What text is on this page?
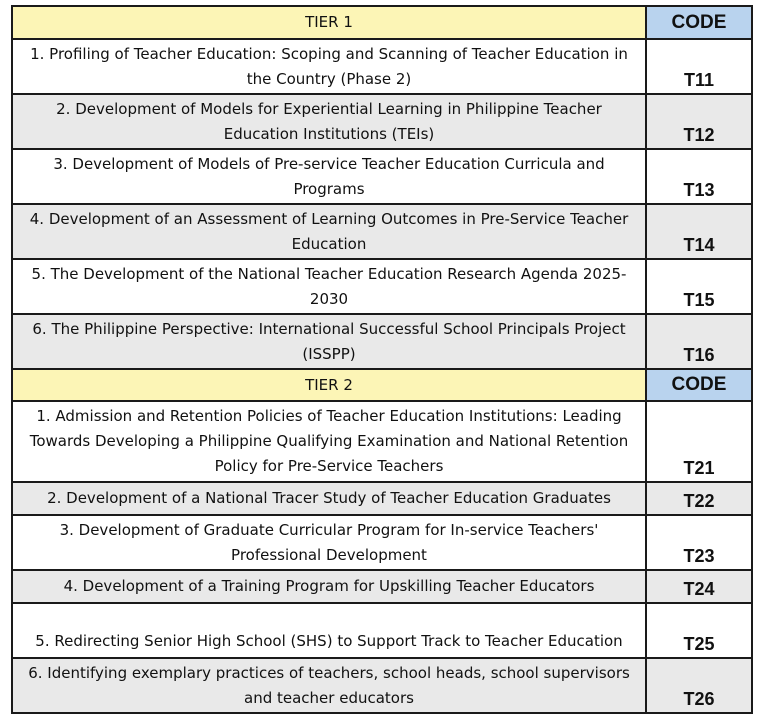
TIER 1	CODE
1. Profiling of Teacher Education: Scoping and Scanning of Teacher Education in the Country (Phase 2)	T11
2. Development of Models for Experiential Learning in Philippine Teacher Education Institutions (TEIs)	T12
3. Development of Models of Pre-service Teacher Education Curricula and Programs	T13
4. Development of an Assessment of Learning Outcomes in Pre-Service Teacher Education	T14
5. The Development of the National Teacher Education Research Agenda 2025-2030	T15
6. The Philippine Perspective: International Successful School Principals Project (ISSPP)	T16
TIER 2	CODE
1. Admission and Retention Policies of Teacher Education Institutions: Leading Towards Developing a Philippine Qualifying Examination and National Retention Policy for Pre-Service Teachers	T21
2. Development of a National Tracer Study of Teacher Education Graduates	T22
3. Development of Graduate Curricular Program for In-service Teachers' Professional Development	T23
4. Development of a Training Program for Upskilling Teacher Educators	T24
5. Redirecting Senior High School (SHS) to Support Track to Teacher Education	T25
6. Identifying exemplary practices of teachers, school heads, school supervisors and teacher educators	T26
